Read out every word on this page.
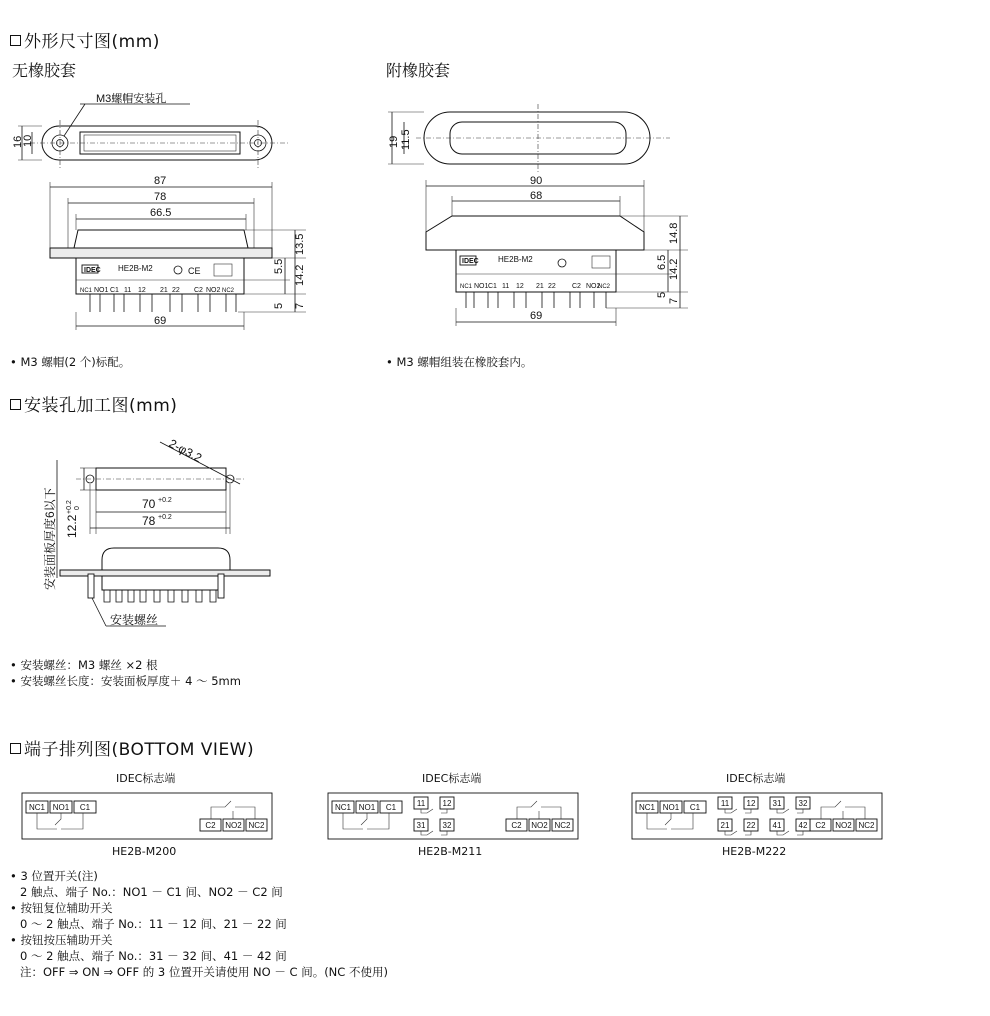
外形尺寸图(mm)
无橡胶套	附橡胶套
M3螺帽安装孔
16
10
87
78
66.5
IDEC HE2B-M2	CE
NC1 NO1 C1 11 12 21 22 C2 NO2 NC2
13.5
5.5 14.2
5 7
69
19 11.5
90
68
IDEC HE2B-M2
NC1 NO1 C1 11 12 21 22 C2 NO2
NC2
14.8
6.5 14.2
5
7
69
• M3 螺帽(2 个)标配。	• M3 螺帽组装在橡胶套内。
安装孔加工图(mm)
安装面板厚度6以下
2-φ3.2
70 +0.2
78 +0.2
12.2
+0.2 0
安装螺丝

• 安装螺丝：M3 螺丝 ×2 根

• 安装螺丝长度：安装面板厚度＋ 4 ～ 5mm

端子排列图(BOTTOM VIEW)
IDEC标志端
NC1 NO1 C1
C2 NO2 NC2
HE2B-M200
IDEC标志端
NC1 NO1 C1
C2 NO2 NC2
11 12
31 32
HE2B-M211
IDEC标志端
NC1 NO1 C1
C2 NO2 NC2
11 12
21 22
31 32
41 42
HE2B-M222

• 3 位置开关(注)

2 触点、端子 No.：NO1 － C1 间、NO2 － C2 间

• 按钮复位辅助开关

0 ～ 2 触点、端子 No.：11 － 12 间、21 － 22 间

• 按钮按压辅助开关

0 ～ 2 触点、端子 No.：31 － 32 间、41 － 42 间

注：OFF ⇒ ON ⇒ OFF 的 3 位置开关请使用 NO － C 间。(NC 不使用)
